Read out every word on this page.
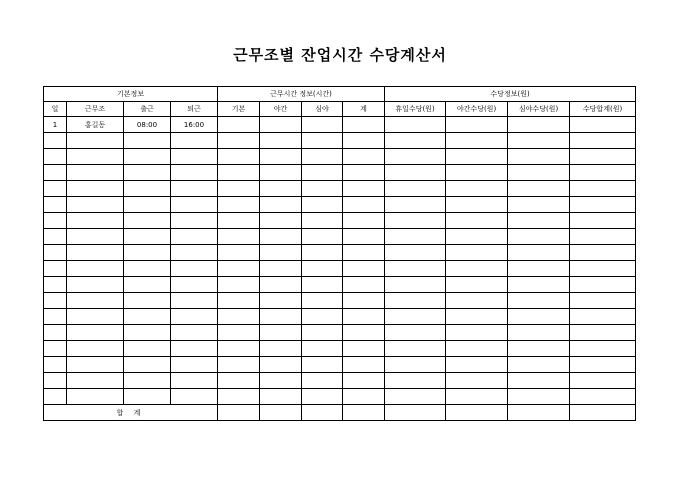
근무조별 잔업시간 수당계산서
기본정보				근무시간 정보(시간)				수당정보(원)			
일	근무조	출근	퇴근	기본	야간	심야	계	휴일수당(원)	야간수당(원)	심야수당(원)	수당합계(원)
1	홍길동	08:00	16:00								

합 계											
